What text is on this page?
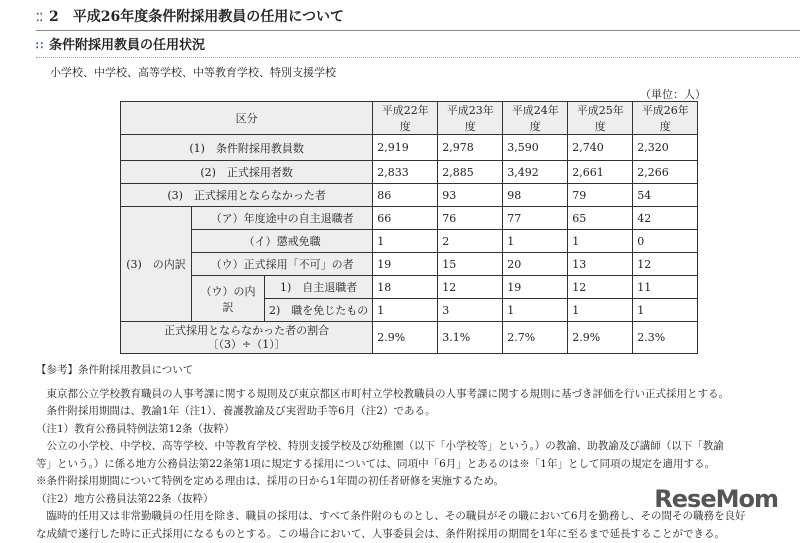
⁚⁚ 2　平成26年度条件附採用教員の任用について
∷ 条件附採用教員の任用状況
小学校、中学校、高等学校、中等教育学校、特別支援学校
（単位：人）
区分			平成22年度	平成23年度	平成24年度	平成25年度	平成26年度
(1)　条件附採用教員数			2,919	2,978	3,590	2,740	2,320
(2)　正式採用者数			2,833	2,885	3,492	2,661	2,266
(3)　正式採用とならなかった者			86	93	98	79	54
(3)　の内訳	（ア）年度途中の自主退職者		66	76	77	65	42
	（イ）懲戒免職		1	2	1	1	0
	（ウ）正式採用「不可」の者		19	15	20	13	12
	（ウ）の内訳	1)　自主退職者	18	12	19	12	11
		2)　職を免じたもの	1	3	1	1	1

正式採用とならなかった者の割合
〔（3）÷（1）〕			2.9%	3.1%	2.7%	2.9%	2.3%
【参考】条件附採用教員について
　東京都公立学校教育職員の人事考課に関する規則及び東京都区市町村立学校教職員の人事考課に関する規則に基づき評価を行い正式採用とする。
　条件附採用期間は、教諭1年（注1）、養護教諭及び実習助手等6月（注2）である。
（注1）教育公務員特例法第12条（抜粋）
　公立の小学校、中学校、高等学校、中等教育学校、特別支援学校及び幼稚園（以下「小学校等」という。）の教諭、助教諭及び講師（以下「教諭
等」という。）に係る地方公務員法第22条第1項に規定する採用については、同項中「6月」とあるのは※「1年」として同項の規定を適用する。
※条件附採用期間について特例を定める理由は、採用の日から1年間の初任者研修を実施するため。
（注2）地方公務員法第22条（抜粋）
　臨時的任用又は非常勤職員の任用を除き、職員の採用は、すべて条件附のものとし、その職員がその職において6月を勤務し、その間その職務を良好
な成績で遂行した時に正式採用になるものとする。この場合において、人事委員会は、条件附採用の期間を1年に至るまで延長することができる。
ReseMom
